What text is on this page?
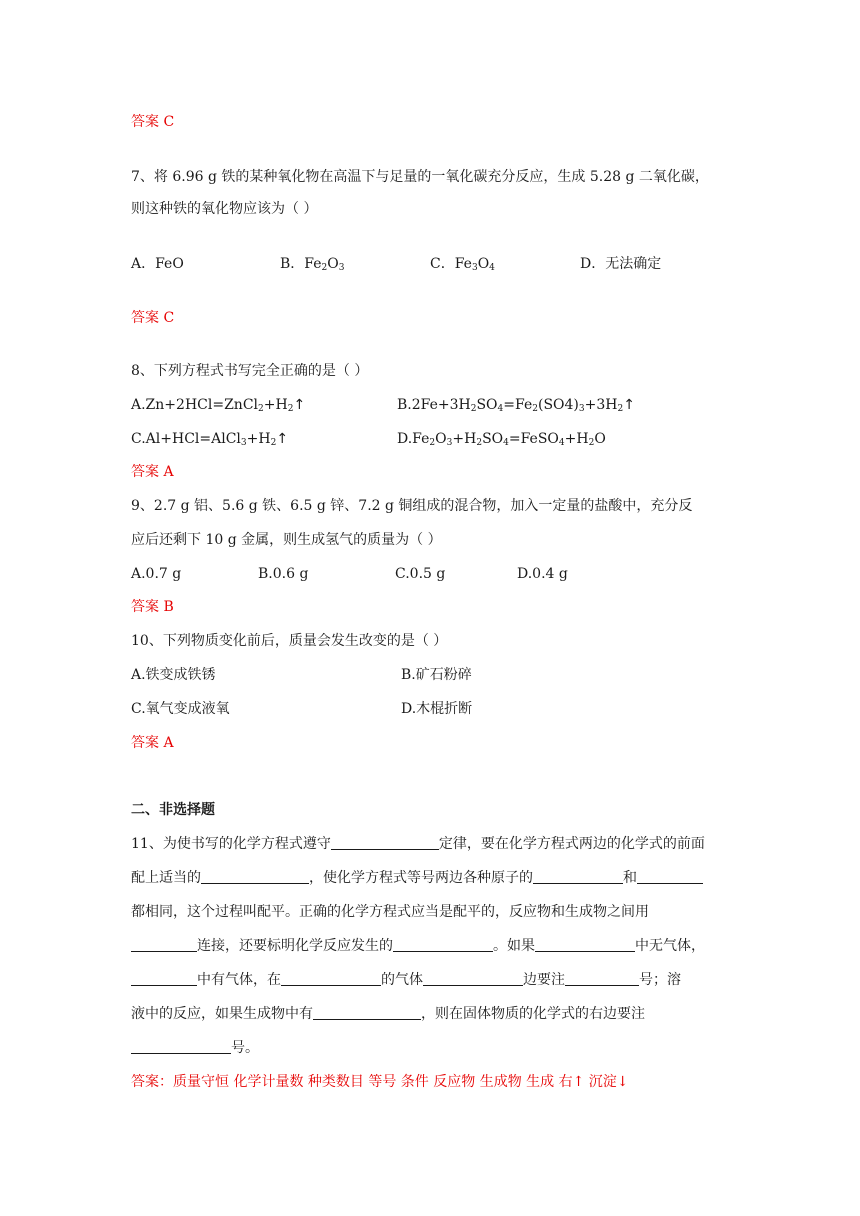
答案 C
7、将 6.96 g 铁的某种氧化物在高温下与足量的一氧化碳充分反应，生成 5.28 g 二氧化碳，
则这种铁的氧化物应该为（ ）
A．FeO	B．$Fe_2O_3$	C．$Fe_3O_4$	D．无法确定
答案 C
8、下列方程式书写完全正确的是（ ）
$A.Zn+2HCl=ZnCl_2+H_2↑$	$B.2Fe+3H_2SO_4=Fe_2(SO4)_3+3H_2↑$
$C.Al+HCl=AlCl_3+H_2↑$	$D.Fe_2O_3+H_2SO_4=FeSO_4+H_2O$
答案 A
9、2.7 g 铝、5.6 g 铁、6.5 g 锌、7.2 g 铜组成的混合物，加入一定量的盐酸中，充分反
应后还剩下 10 g 金属，则生成氢气的质量为（ ）
A.0.7 g	B.0.6 g	C.0.5 g	D.0.4 g
答案 B
10、下列物质变化前后，质量会发生改变的是（ ）
A.铁变成铁锈	B.矿石粉碎
C.氧气变成液氧	D.木棍折断
答案 A
二、非选择题
11、为使书写的化学方程式遵守	定律，要在化学方程式两边的化学式的前面
配上适当的	，使化学方程式等号两边各种原子的	和
都相同，这个过程叫配平。正确的化学方程式应当是配平的，反应物和生成物之间用
连接，还要标明化学反应发生的	。如果	中无气体，
中有气体，在	的气体	边要注	号；溶
液中的反应，如果生成物中有	，则在固体物质的化学式的右边要注
号。
答案：质量守恒 化学计量数 种类数目 等号 条件 反应物 生成物 生成 右↑ 沉淀↓
